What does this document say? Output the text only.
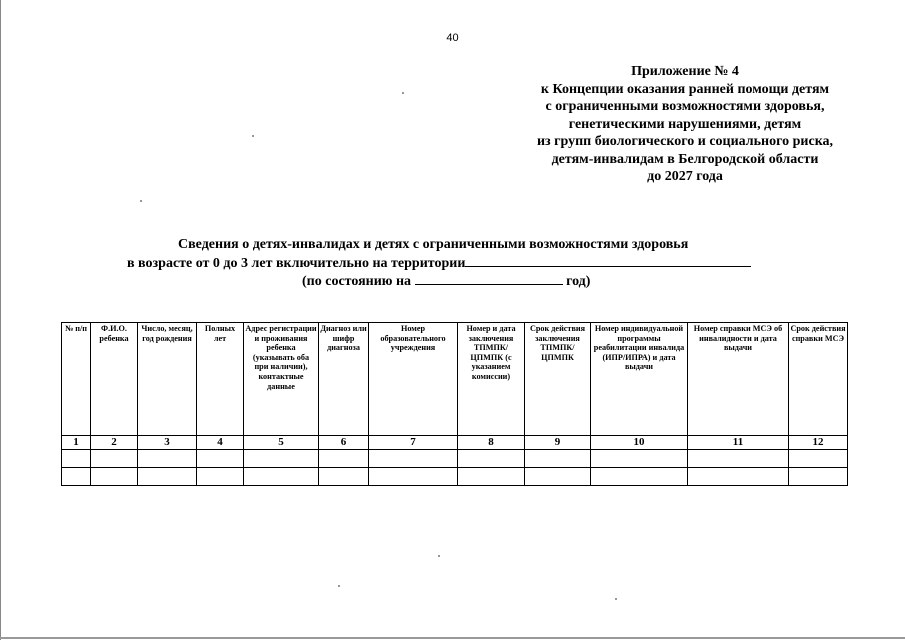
40
Приложение № 4
к Концепции оказания ранней помощи детям
с ограниченными возможностями здоровья,
генетическими нарушениями, детям
из групп биологического и социального риска,
детям-инвалидам в Белгородской области
до 2027 года
Сведения о детях-инвалидах и детях с ограниченными возможностями здоровья
в возрасте от 0 до 3 лет включительно на территории
(по состоянию на	год)
№ п/п	Ф.И.О. ребенка	Число, месяц, год рождения	Полных лет	Адрес регистрации и проживания ребенка (указывать оба при наличии), контактные данные	Диагноз или шифр диагноза	Номер образовательного учреждения	Номер и дата заключения ТПМПК/ ЦПМПК (с указанием комиссии)	Срок действия заключения ТПМПК/ ЦПМПК	Номер индивидуальной программы реабилитации инвалида (ИПР/ИПРА) и дата выдачи	Номер справки МСЭ об инвалидности и дата выдачи	Срок действия справки МСЭ
1	2	3	4	5	6	7	8	9	10	11	12
